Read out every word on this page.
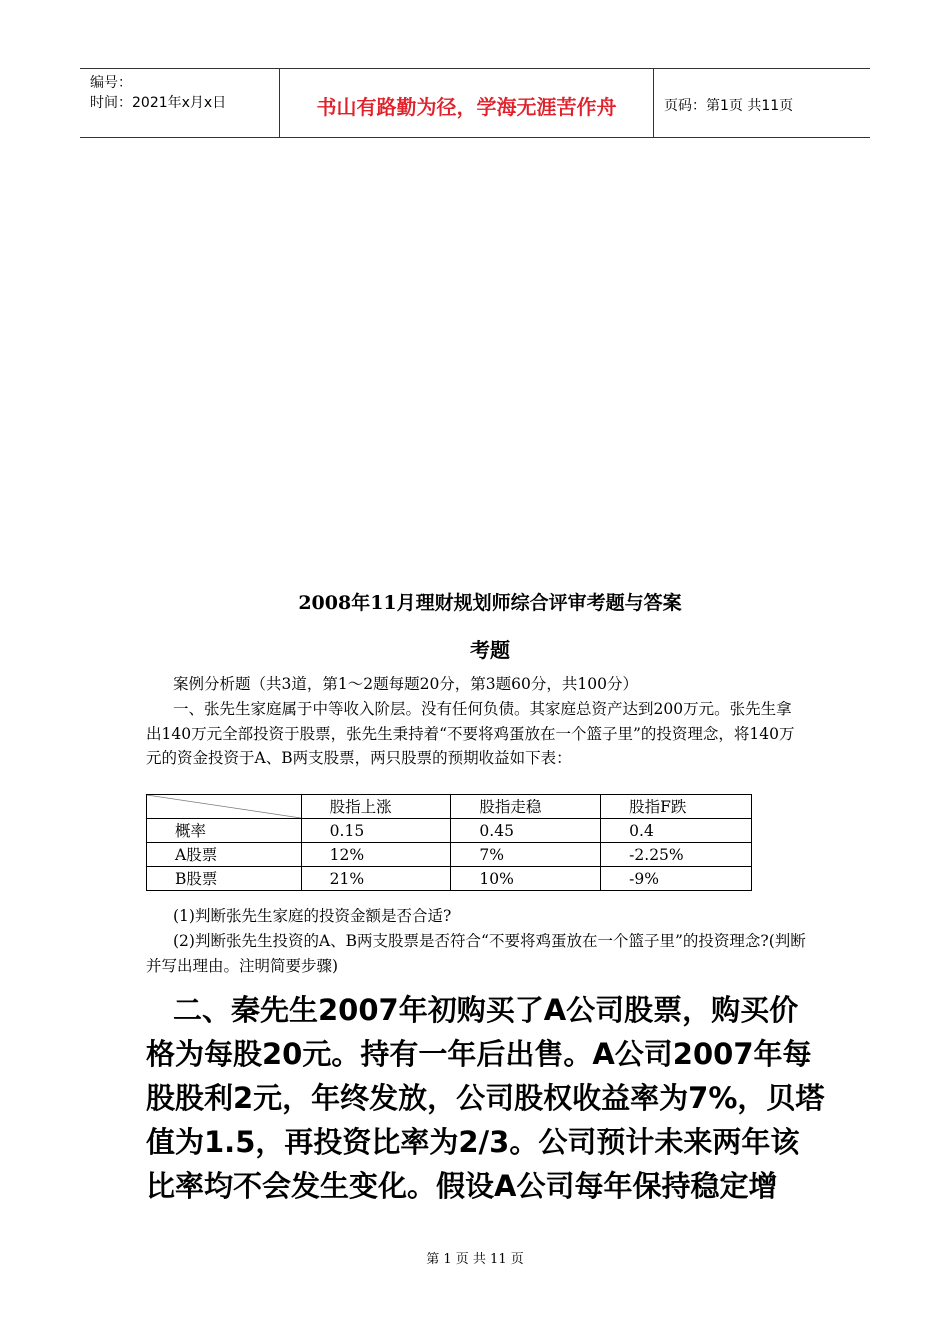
编号：
时间：2021年x月x日	书山有路勤为径，学海无涯苦作舟	页码：第1页 共11页
2008年11月理财规划师综合评审考题与答案
考题
案例分析题（共3道，第1～2题每题20分，第3题60分，共100分）
一、张先生家庭属于中等收入阶层。没有任何负债。其家庭总资产达到200万元。张先生拿出140万元全部投资于股票，张先生秉持着“不要将鸡蛋放在一个篮子里”的投资理念，将140万元的资金投资于A、B两支股票，两只股票的预期收益如下表：
	股指上涨	股指走稳	股指F跌
概率	0.15	0.45	0.4
A股票	12%	7%	-2.25%
B股票	21%	10%	-9%
(1)判断张先生家庭的投资金额是否合适?
(2)判断张先生投资的A、B两支股票是否符合“不要将鸡蛋放在一个篮子里”的投资理念?(判断并写出理由。注明简要步骤)
二、秦先生2007年初购买了A公司股票，购买价格为每股20元。持有一年后出售。A公司2007年每股股利2元，年终发放，公司股权收益率为7%，贝塔值为1.5，再投资比率为2/3。公司预计未来两年该比率均不会发生变化。假设A公司每年保持稳定增
第 1 页 共 11 页
